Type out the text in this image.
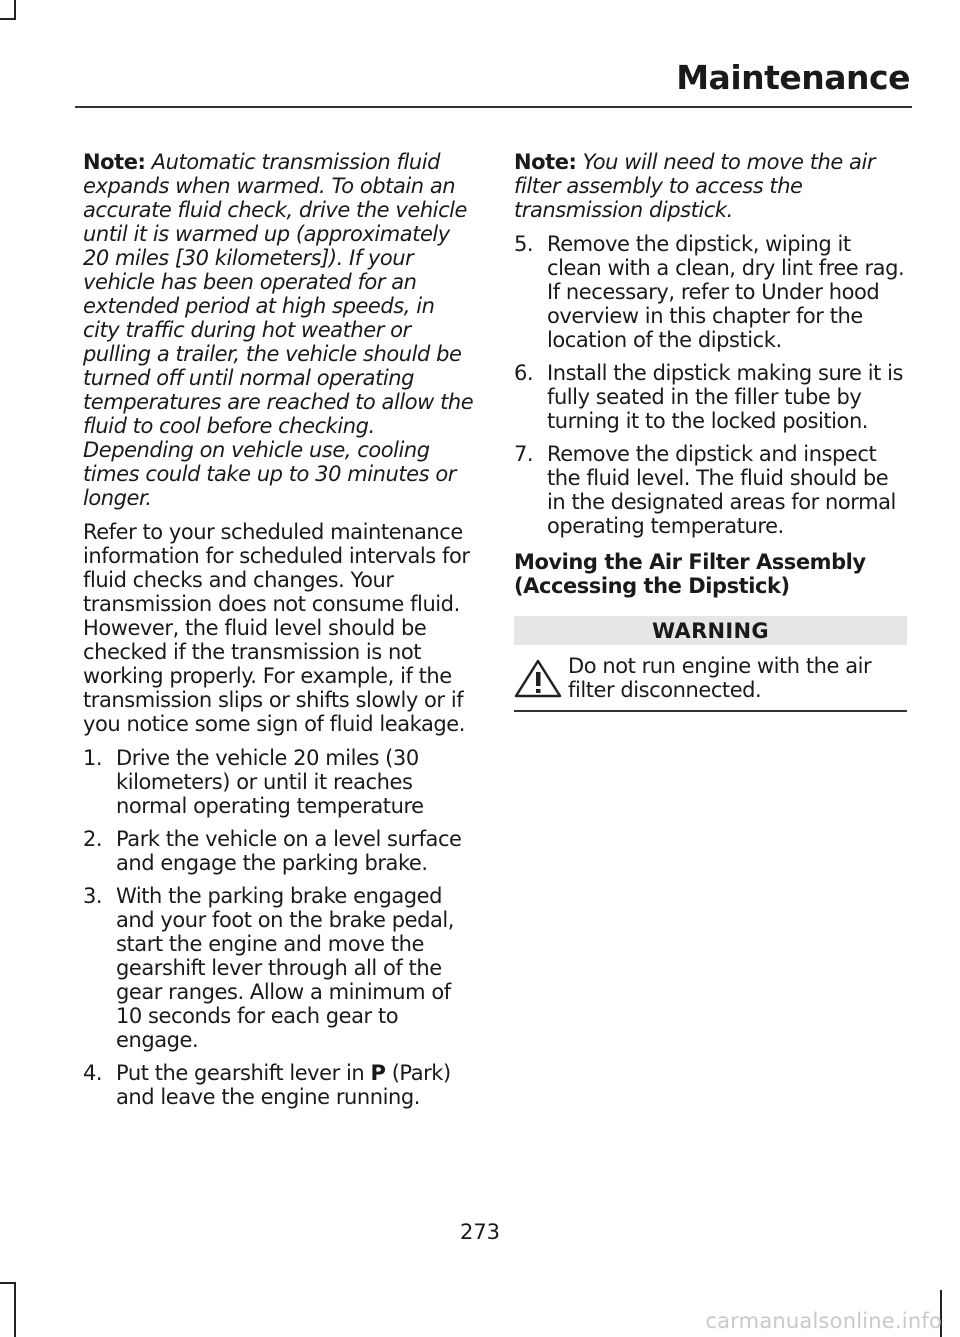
Maintenance

Note: Automatic transmission fluid expands when warmed. To obtain an accurate fluid check, drive the vehicle until it is warmed up (approximately 20 miles [30 kilometers]). If your vehicle has been operated for an extended period at high speeds, in city traffic during hot weather or pulling a trailer, the vehicle should be turned off until normal operating temperatures are reached to allow the fluid to cool before checking. Depending on vehicle use, cooling times could take up to 30 minutes or longer.

Refer to your scheduled maintenance information for scheduled intervals for fluid checks and changes. Your transmission does not consume fluid. However, the fluid level should be checked if the transmission is not working properly. For example, if the transmission slips or shifts slowly or if you notice some sign of fluid leakage.

1. Drive the vehicle 20 miles (30 kilometers) or until it reaches normal operating temperature
2. Park the vehicle on a level surface and engage the parking brake.
3. With the parking brake engaged and your foot on the brake pedal, start the engine and move the gearshift lever through all of the gear ranges. Allow a minimum of 10 seconds for each gear to engage.
4. Put the gearshift lever in P (Park) and leave the engine running.

Note: You will need to move the air filter assembly to access the transmission dipstick.

5. Remove the dipstick, wiping it clean with a clean, dry lint free rag. If necessary, refer to Under hood overview in this chapter for the location of the dipstick.
6. Install the dipstick making sure it is fully seated in the filler tube by turning it to the locked position.
7. Remove the dipstick and inspect the fluid level. The fluid should be in the designated areas for normal operating temperature.
Moving the Air Filter Assembly (Accessing the Dipstick)
WARNING
Do not run engine with the air filter disconnected.
273
carmanualsonline.info
